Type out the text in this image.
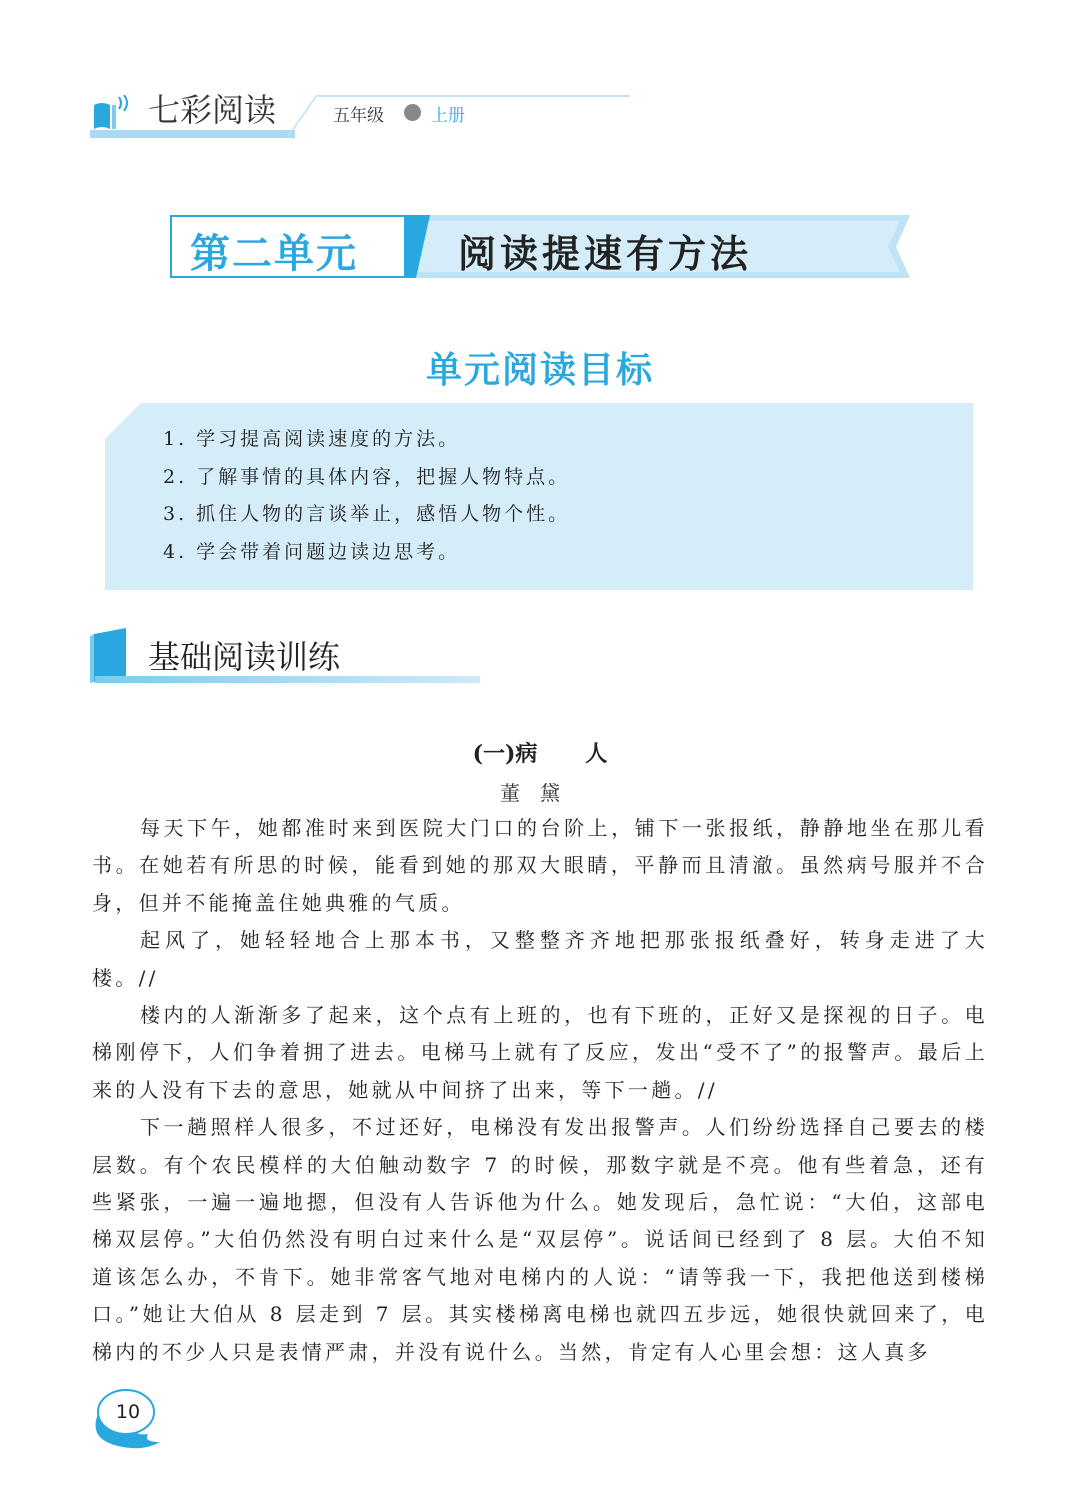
七彩阅读	五年级	上册
第二单元	阅读提速有方法
单元阅读目标
1. 学习提高阅读速度的方法。
2. 了解事情的具体内容，把握人物特点。
3. 抓住人物的言谈举止，感悟人物个性。
4. 学会带着问题边读边思考。
基础阅读训练
(一)病 人
董黛

每天下午，她都准时来到医院大门口的台阶上，铺下一张报纸，静静地坐在那儿看书。在她若有所思的时候，能看到她的那双大眼睛，平静而且清澈。虽然病号服并不合身，但并不能掩盖住她典雅的气质。

起风了，她轻轻地合上那本书，又整整齐齐地把那张报纸叠好，转身走进了大楼。//

楼内的人渐渐多了起来，这个点有上班的，也有下班的，正好又是探视的日子。电梯刚停下，人们争着拥了进去。电梯马上就有了反应，发出“受不了”的报警声。最后上来的人没有下去的意思，她就从中间挤了出来，等下一趟。//

下一趟照样人很多，不过还好，电梯没有发出报警声。人们纷纷选择自己要去的楼层数。有个农民模样的大伯触动数字 7 的时候，那数字就是不亮。他有些着急，还有些紧张，一遍一遍地摁，但没有人告诉他为什么。她发现后，急忙说：“大伯，这部电梯双层停。”大伯仍然没有明白过来什么是“双层停”。说话间已经到了 8 层。大伯不知道该怎么办，不肯下。她非常客气地对电梯内的人说：“请等我一下，我把他送到楼梯口。”她让大伯从 8 层走到 7 层。其实楼梯离电梯也就四五步远，她很快就回来了，电梯内的不少人只是表情严肃，并没有说什么。当然，肯定有人心里会想：这人真多

10
